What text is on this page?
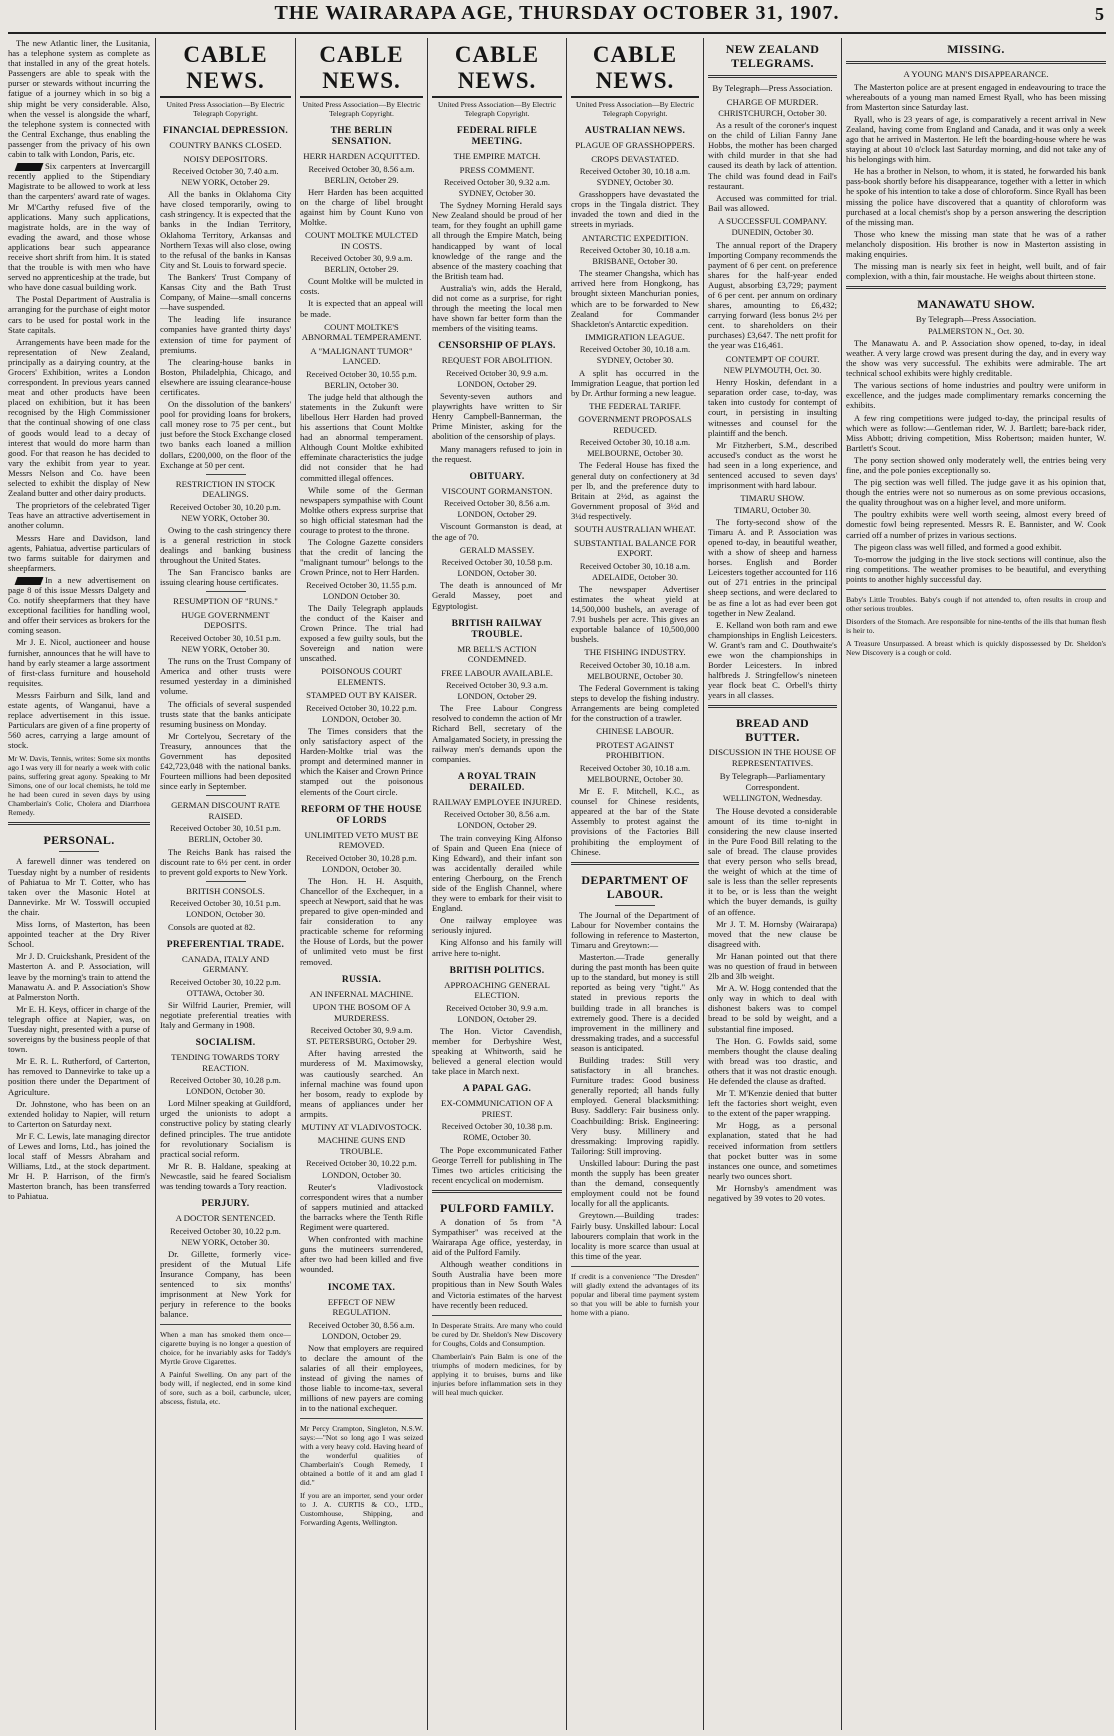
THE WAIRARAPA AGE, THURSDAY OCTOBER 31, 1907.	5

The new Atlantic liner, the Lusitania, has a telephone system as complete as that installed in any of the great hotels. Passengers are able to speak with the purser or stewards without incurring the fatigue of a journey which in so big a ship might be very considerable. Also, when the vessel is alongside the wharf, the telephone system is connected with the Central Exchange, thus enabling the passenger from the privacy of his own cabin to talk with London, Paris, etc.

Six carpenters at Invercargill recently applied to the Stipendiary Magistrate to be allowed to work at less than the carpenters' award rate of wages. Mr M'Carthy refused five of the applications. Many such applications, magistrate holds, are in the way of evading the award, and those whose applications bear such appearance receive short shrift from him. It is stated that the trouble is with men who have served no apprenticeship at the trade, but who have done casual building work.

The Postal Department of Australia is arranging for the purchase of eight motor cars to be used for postal work in the State capitals.

Arrangements have been made for the representation of New Zealand, principally as a dairying country, at the Grocers' Exhibition, writes a London correspondent. In previous years canned meat and other products have been placed on exhibition, but it has been recognised by the High Commissioner that the continual showing of one class of goods would lead to a decay of interest that would do more harm than good. For that reason he has decided to vary the exhibit from year to year. Messrs Nelson and Co. have been selected to exhibit the display of New Zealand butter and other dairy products.

The proprietors of the celebrated Tiger Teas have an attractive advertisement in another column.

Messrs Hare and Davidson, land agents, Pahiatua, advertise particulars of two farms suitable for dairymen and sheepfarmers.

In a new advertisement on page 8 of this issue Messrs Dalgety and Co. notify sheepfarmers that they have exceptional facilities for handling wool, and offer their services as brokers for the coming season.

Mr J. E. Nicol, auctioneer and house furnisher, announces that he will have to hand by early steamer a large assortment of first-class furniture and household requisites.

Messrs Fairburn and Silk, land and estate agents, of Wanganui, have a replace advertisement in this issue. Particulars are given of a fine property of 560 acres, carrying a large amount of stock.

Mr W. Davis, Tennis, writes: Some six months ago I was very ill for nearly a week with colic pains, suffering great agony. Speaking to Mr Simons, one of our local chemists, he told me he had been cured in seven days by using Chamberlain's Colic, Cholera and Diarrhoea Remedy.
PERSONAL.

A farewell dinner was tendered on Tuesday night by a number of residents of Pahiatua to Mr T. Cotter, who has taken over the Masonic Hotel at Dannevirke. Mr W. Tosswill occupied the chair.

Miss Iorns, of Masterton, has been appointed teacher at the Dry River School.

Mr J. D. Cruickshank, President of the Masterton A. and P. Association, will leave by the morning's train to attend the Manawatu A. and P. Association's Show at Palmerston North.

Mr E. H. Keys, officer in charge of the telegraph office at Napier, was, on Tuesday night, presented with a purse of sovereigns by the business people of that town.

Mr E. R. L. Rutherford, of Carterton, has removed to Dannevirke to take up a position there under the Department of Agriculture.

Dr. Johnstone, who has been on an extended holiday to Napier, will return to Carterton on Saturday next.

Mr F. C. Lewis, late managing director of Lewes and Iorns, Ltd., has joined the local staff of Messrs Abraham and Williams, Ltd., at the stock department. Mr H. P. Harrison, of the firm's Masterton branch, has been transferred to Pahiatua.

CABLE NEWS.
United Press Association—By Electric Telegraph Copyright.
FINANCIAL DEPRESSION.
COUNTRY BANKS CLOSED.
NOISY DEPOSITORS.
Received October 30, 7.40 a.m.
NEW YORK, October 29.

All the banks in Oklahoma City have closed temporarily, owing to cash stringency. It is expected that the banks in the Indian Territory, Oklahoma Territory, Arkansas and Northern Texas will also close, owing to the refusal of the banks in Kansas City and St. Louis to forward specie.

The Bankers' Trust Company of Kansas City and the Bath Trust Company, of Maine—small concerns—have suspended.

The leading life insurance companies have granted thirty days' extension of time for payment of premiums.

The clearing-house banks in Boston, Philadelphia, Chicago, and elsewhere are issuing clearance-house certificates.

On the dissolution of the bankers' pool for providing loans for brokers, call money rose to 75 per cent., but just before the Stock Exchange closed two banks each loaned a million dollars, £200,000, on the floor of the Exchange at 50 per cent.

RESTRICTION IN STOCK DEALINGS.
Received October 30, 10.20 p.m.
NEW YORK, October 30.

Owing to the cash stringency there is a general restriction in stock dealings and banking business throughout the United States.

The San Francisco banks are issuing clearing house certificates.

RESUMPTION OF "RUNS."
HUGE GOVERNMENT DEPOSITS.
Received October 30, 10.51 p.m.
NEW YORK, October 30.

The runs on the Trust Company of America and other trusts were resumed yesterday in a diminished volume.

The officials of several suspended trusts state that the banks anticipate resuming business on Monday.

Mr Cortelyou, Secretary of the Treasury, announces that the Government has deposited £42,723,048 with the national banks. Fourteen millions had been deposited since early in September.

GERMAN DISCOUNT RATE RAISED.
Received October 30, 10.51 p.m.
BERLIN, October 30.

The Reichs Bank has raised the discount rate to 6½ per cent. in order to prevent gold exports to New York.

BRITISH CONSOLS.
Received October 30, 10.51 p.m.
LONDON, October 30.

Consols are quoted at 82.

PREFERENTIAL TRADE.
CANADA, ITALY AND GERMANY.
Received October 30, 10.22 p.m.
OTTAWA, October 30.

Sir Wilfrid Laurier, Premier, will negotiate preferential treaties with Italy and Germany in 1908.

SOCIALISM.
TENDING TOWARDS TORY REACTION.
Received October 30, 10.28 p.m.
LONDON, October 30.

Lord Milner speaking at Guildford, urged the unionists to adopt a constructive policy by stating clearly defined principles. The true antidote for revolutionary Socialism is practical social reform.

Mr R. B. Haldane, speaking at Newcastle, said he feared Socialism was tending towards a Tory reaction.

PERJURY.
A DOCTOR SENTENCED.
Received October 30, 10.22 p.m.
NEW YORK, October 30.

Dr. Gillette, formerly vice-president of the Mutual Life Insurance Company, has been sentenced to six months' imprisonment at New York for perjury in reference to the books balance.

When a man has smoked them once—cigarette buying is no longer a question of choice, for he invariably asks for Taddy's Myrtle Grove Cigarettes.
A Painful Swelling. On any part of the body will, if neglected, end in some kind of sore, such as a boil, carbuncle, ulcer, abscess, fistula, etc.
CABLE NEWS.
United Press Association—By Electric Telegraph Copyright.
THE BERLIN SENSATION.
HERR HARDEN ACQUITTED.
Received October 30, 8.56 a.m.
BERLIN, October 29.

Herr Harden has been acquitted on the charge of libel brought against him by Count Kuno von Moltke.

COUNT MOLTKE MULCTED IN COSTS.
Received October 30, 9.9 a.m.
BERLIN, October 29.

Count Moltke will be mulcted in costs.

It is expected that an appeal will be made.

COUNT MOLTKE'S ABNORMAL TEMPERAMENT.
A "MALIGNANT TUMOR" LANCED.
Received October 30, 10.55 p.m.
BERLIN, October 30.

The judge held that although the statements in the Zukunft were libellous Herr Harden had proved his assertions that Count Moltke had an abnormal temperament. Although Count Moltke exhibited effeminate characteristics the judge did not consider that he had committed illegal offences.

While some of the German newspapers sympathise with Count Moltke others express surprise that so high official statesman had the courage to protest to the throne.

The Cologne Gazette considers that the credit of lancing the "malignant tumour" belongs to the Crown Prince, not to Herr Harden.

Received October 30, 11.55 p.m.
LONDON October 30.

The Daily Telegraph applauds the conduct of the Kaiser and Crown Prince. The trial had exposed a few guilty souls, but the Sovereign and nation were unscathed.

POISONOUS COURT ELEMENTS.
STAMPED OUT BY KAISER.
Received October 30, 10.22 p.m.
LONDON, October 30.

The Times considers that the only satisfactory aspect of the Harden-Moltke trial was the prompt and determined manner in which the Kaiser and Crown Prince stamped out the poisonous elements of the Court circle.

REFORM OF THE HOUSE OF LORDS
UNLIMITED VETO MUST BE REMOVED.
Received October 30, 10.28 p.m.
LONDON, October 30.

The Hon. H. H. Asquith, Chancellor of the Exchequer, in a speech at Newport, said that he was prepared to give open-minded and fair consideration to any practicable scheme for reforming the House of Lords, but the power of unlimited veto must be first removed.

RUSSIA.
AN INFERNAL MACHINE.
UPON THE BOSOM OF A MURDERESS.
Received October 30, 9.9 a.m.
ST. PETERSBURG, October 29.

After having arrested the murderess of M. Maximowsky, was cautiously searched. An infernal machine was found upon her bosom, ready to explode by means of appliances under her armpits.

MUTINY AT VLADIVOSTOCK.
MACHINE GUNS END TROUBLE.
Received October 30, 10.22 p.m.
LONDON, October 30.

Reuter's Vladivostock correspondent wires that a number of sappers mutinied and attacked the barracks where the Tenth Rifle Regiment were quartered.

When confronted with machine guns the mutineers surrendered, after two had been killed and five wounded.

INCOME TAX.
EFFECT OF NEW REGULATION.
Received October 30, 8.56 a.m.
LONDON, October 29.

Now that employers are required to declare the amount of the salaries of all their employees, instead of giving the names of those liable to income-tax, several millions of new payers are coming in to the national exchequer.

Mr Percy Crampton, Singleton, N.S.W. says:—"Not so long ago I was seized with a very heavy cold. Having heard of the wonderful qualities of Chamberlain's Cough Remedy, I obtained a bottle of it and am glad I did."
If you are an importer, send your order to J. A. CURTIS & CO., LTD., Customhouse, Shipping, and Forwarding Agents, Wellington.
CABLE NEWS.
United Press Association—By Electric Telegraph Copyright.
FEDERAL RIFLE MEETING.
THE EMPIRE MATCH.
PRESS COMMENT.
Received October 30, 9.32 a.m.
SYDNEY, October 30.

The Sydney Morning Herald says New Zealand should be proud of her team, for they fought an uphill game all through the Empire Match, being handicapped by want of local knowledge of the range and the absence of the mastery coaching that the British team had.

Australia's win, adds the Herald, did not come as a surprise, for right through the meeting the local men have shown far better form than the members of the visiting teams.

CENSORSHIP OF PLAYS.
REQUEST FOR ABOLITION.
Received October 30, 9.9 a.m.
LONDON, October 29.

Seventy-seven authors and playwrights have written to Sir Henry Campbell-Bannerman, the Prime Minister, asking for the abolition of the censorship of plays.

Many managers refused to join in the request.

OBITUARY.
VISCOUNT GORMANSTON.
Received October 30, 8.56 a.m.
LONDON, October 29.

Viscount Gormanston is dead, at the age of 70.

GERALD MASSEY.
Received October 30, 10.58 p.m.
LONDON, October 30.

The death is announced of Mr Gerald Massey, poet and Egyptologist.

BRITISH RAILWAY TROUBLE.
MR BELL'S ACTION CONDEMNED.
FREE LABOUR AVAILABLE.
Received October 30, 9.3 a.m.
LONDON, October 29.

The Free Labour Congress resolved to condemn the action of Mr Richard Bell, secretary of the Amalgamated Society, in pressing the railway men's demands upon the companies.

A ROYAL TRAIN DERAILED.
RAILWAY EMPLOYEE INJURED.
Received October 30, 8.56 a.m.
LONDON, October 29.

The train conveying King Alfonso of Spain and Queen Ena (niece of King Edward), and their infant son was accidentally derailed while entering Cherbourg, on the French side of the English Channel, where they were to embark for their visit to England.

One railway employee was seriously injured.

King Alfonso and his family will arrive here to-night.

BRITISH POLITICS.
APPROACHING GENERAL ELECTION.
Received October 30, 9.9 a.m.
LONDON, October 29.

The Hon. Victor Cavendish, member for Derbyshire West, speaking at Whitworth, said he believed a general election would take place in March next.

A PAPAL GAG.
EX-COMMUNICATION OF A PRIEST.
Received October 30, 10.38 p.m.
ROME, October 30.

The Pope excommunicated Father George Terrell for publishing in The Times two articles criticising the recent encyclical on modernism.

PULFORD FAMILY.

A donation of 5s from "A Sympathiser" was received at the Wairarapa Age office, yesterday, in aid of the Pulford Family.

Although weather conditions in South Australia have been more propitious than in New South Wales and Victoria estimates of the harvest have recently been reduced.

In Desperate Straits. Are many who could be cured by Dr. Sheldon's New Discovery for Coughs, Colds and Consumption.
Chamberlain's Pain Balm is one of the triumphs of modern medicines, for by applying it to bruises, burns and like injuries before inflammation sets in they will heal much quicker.
CABLE NEWS.
United Press Association—By Electric Telegraph Copyright.
AUSTRALIAN NEWS.
PLAGUE OF GRASSHOPPERS.
CROPS DEVASTATED.
Received October 30, 10.18 a.m.
SYDNEY, October 30.

Grasshoppers have devastated the crops in the Tingala district. They invaded the town and died in the streets in myriads.

ANTARCTIC EXPEDITION.
Received October 30, 10.18 a.m.
BRISBANE, October 30.

The steamer Changsha, which has arrived here from Hongkong, has brought sixteen Manchurian ponies, which are to be forwarded to New Zealand for Commander Shackleton's Antarctic expedition.

IMMIGRATION LEAGUE.
Received October 30, 10.18 a.m.
SYDNEY, October 30.

A split has occurred in the Immigration League, that portion led by Dr. Arthur forming a new league.

THE FEDERAL TARIFF.
GOVERNMENT PROPOSALS REDUCED.
Received October 30, 10.18 a.m.
MELBOURNE, October 30.

The Federal House has fixed the general duty on confectionery at 3d per lb, and the preference duty to Britain at 2½d, as against the Government proposal of 3½d and 3¼d respectively.

SOUTH AUSTRALIAN WHEAT.
SUBSTANTIAL BALANCE FOR EXPORT.
Received October 30, 10.18 a.m.
ADELAIDE, October 30.

The newspaper Advertiser estimates the wheat yield at 14,500,000 bushels, an average of 7.91 bushels per acre. This gives an exportable balance of 10,500,000 bushels.

THE FISHING INDUSTRY.
Received October 30, 10.18 a.m.
MELBOURNE, October 30.

The Federal Government is taking steps to develop the fishing industry. Arrangements are being completed for the construction of a trawler.

CHINESE LABOUR.
PROTEST AGAINST PROHIBITION.
Received October 30, 10.18 a.m.
MELBOURNE, October 30.

Mr E. F. Mitchell, K.C., as counsel for Chinese residents, appeared at the bar of the State Assembly to protest against the provisions of the Factories Bill prohibiting the employment of Chinese.

DEPARTMENT OF LABOUR.

The Journal of the Department of Labour for November contains the following in reference to Masterton, Timaru and Greytown:—

Masterton.—Trade generally during the past month has been quite up to the standard, but money is still reported as being very "tight." As stated in previous reports the building trade in all branches is extremely good. There is a decided improvement in the millinery and dressmaking trades, and a successful season is anticipated.

Building trades: Still very satisfactory in all branches. Furniture trades: Good business generally reported; all hands fully employed. General blacksmithing: Busy. Saddlery: Fair business only. Coachbuilding: Brisk. Engineering: Very busy. Millinery and dressmaking: Improving rapidly. Tailoring: Still improving.

Unskilled labour: During the past month the supply has been greater than the demand, consequently employment could not be found locally for all the applicants.

Greytown.—Building trades: Fairly busy. Unskilled labour: Local labourers complain that work in the locality is more scarce than usual at this time of the year.

If credit is a convenience "The Dresden" will gladly extend the advantages of its popular and liberal time payment system so that you will be able to furnish your home with a piano.
NEW ZEALAND TELEGRAMS.
By Telegraph—Press Association.
CHARGE OF MURDER.
CHRISTCHURCH, October 30.

As a result of the coroner's inquest on the child of Lilian Fanny Jane Hobbs, the mother has been charged with child murder in that she had caused its death by lack of attention. The child was found dead in Fail's restaurant.

Accused was committed for trial. Bail was allowed.

A SUCCESSFUL COMPANY.
DUNEDIN, October 30.

The annual report of the Drapery Importing Company recommends the payment of 6 per cent. on preference shares for the half-year ended August, absorbing £3,729; payment of 6 per cent. per annum on ordinary shares, amounting to £6,432; carrying forward (less bonus 2½ per cent. to shareholders on their purchases) £3,647. The nett profit for the year was £16,461.

CONTEMPT OF COURT.
NEW PLYMOUTH, Oct. 30.

Henry Hoskin, defendant in a separation order case, to-day, was taken into custody for contempt of court, in persisting in insulting witnesses and counsel for the plaintiff and the bench.

Mr Fitzherbert, S.M., described accused's conduct as the worst he had seen in a long experience, and sentenced accused to seven days' imprisonment with hard labour.

TIMARU SHOW.
TIMARU, October 30.

The forty-second show of the Timaru A. and P. Association was opened to-day, in beautiful weather, with a show of sheep and harness horses. English and Border Leicesters together accounted for 116 out of 271 entries in the principal sheep sections, and were declared to be as fine a lot as had ever been got together in New Zealand.

E. Kelland won both ram and ewe championships in English Leicesters. W. Grant's ram and C. Douthwaite's ewe won the championships in Border Leicesters. In inbred halfbreds J. Stringfellow's nineteen year flock beat C. Orbell's thirty years in all classes.

BREAD AND BUTTER.
DISCUSSION IN THE HOUSE OF REPRESENTATIVES.
By Telegraph—Parliamentary Correspondent.
WELLINGTON, Wednesday.

The House devoted a considerable amount of its time to-night in considering the new clause inserted in the Pure Food Bill relating to the sale of bread. The clause provides that every person who sells bread, the weight of which at the time of sale is less than the seller represents it to be, or is less than the weight which the buyer demands, is guilty of an offence.

Mr J. T. M. Hornsby (Wairarapa) moved that the new clause be disagreed with.

Mr Hanan pointed out that there was no question of fraud in between 2lb and 3lb weight.

Mr A. W. Hogg contended that the only way in which to deal with dishonest bakers was to compel bread to be sold by weight, and a substantial fine imposed.

The Hon. G. Fowlds said, some members thought the clause dealing with bread was too drastic, and others that it was not drastic enough. He defended the clause as drafted.

Mr T. M'Kenzie denied that butter left the factories short weight, even to the extent of the paper wrapping.

Mr Hogg, as a personal explanation, stated that he had received information from settlers that pocket butter was in some instances one ounce, and sometimes nearly two ounces short.

Mr Hornsby's amendment was negatived by 39 votes to 20 votes.

MISSING.
A YOUNG MAN'S DISAPPEARANCE.

The Masterton police are at present engaged in endeavouring to trace the whereabouts of a young man named Ernest Ryall, who has been missing from Masterton since Saturday last.

Ryall, who is 23 years of age, is comparatively a recent arrival in New Zealand, having come from England and Canada, and it was only a week ago that he arrived in Masterton. He left the boarding-house where he was staying at about 10 o'clock last Saturday morning, and did not take any of his belongings with him.

He has a brother in Nelson, to whom, it is stated, he forwarded his bank pass-book shortly before his disappearance, together with a letter in which he spoke of his intention to take a dose of chloroform. Since Ryall has been missing the police have discovered that a quantity of chloroform was purchased at a local chemist's shop by a person answering the description of the missing man.

Those who knew the missing man state that he was of a rather melancholy disposition. His brother is now in Masterton assisting in making enquiries.

The missing man is nearly six feet in height, well built, and of fair complexion, with a thin, fair moustache. He weighs about thirteen stone.

MANAWATU SHOW.
By Telegraph—Press Association.
PALMERSTON N., Oct. 30.

The Manawatu A. and P. Association show opened, to-day, in ideal weather. A very large crowd was present during the day, and in every way the show was very successful. The exhibits were admirable. The art technical school exhibits were highly creditable.

The various sections of home industries and poultry were uniform in excellence, and the judges made complimentary remarks concerning the exhibits.

A few ring competitions were judged to-day, the principal results of which were as follow:—Gentleman rider, W. J. Bartlett; bare-back rider, Miss Abbott; driving competition, Miss Robertson; maiden hunter, W. Bartlett's Scout.

The pony section showed only moderately well, the entries being very fine, and the pole ponies exceptionally so.

The pig section was well filled. The judge gave it as his opinion that, though the entries were not so numerous as on some previous occasions, the quality throughout was on a higher level, and more uniform.

The poultry exhibits were well worth seeing, almost every breed of domestic fowl being represented. Messrs R. E. Bannister, and W. Cook carried off a number of prizes in various sections.

The pigeon class was well filled, and formed a good exhibit.

To-morrow the judging in the live stock sections will continue, also the ring competitions. The weather promises to be beautiful, and everything points to another highly successful day.

Baby's Little Troubles. Baby's cough if not attended to, often results in croup and other serious troubles.
Disorders of the Stomach. Are responsible for nine-tenths of the ills that human flesh is heir to.
A Treasure Unsurpassed. A breast which is quickly dispossessed by Dr. Sheldon's New Discovery is a cough or cold.
